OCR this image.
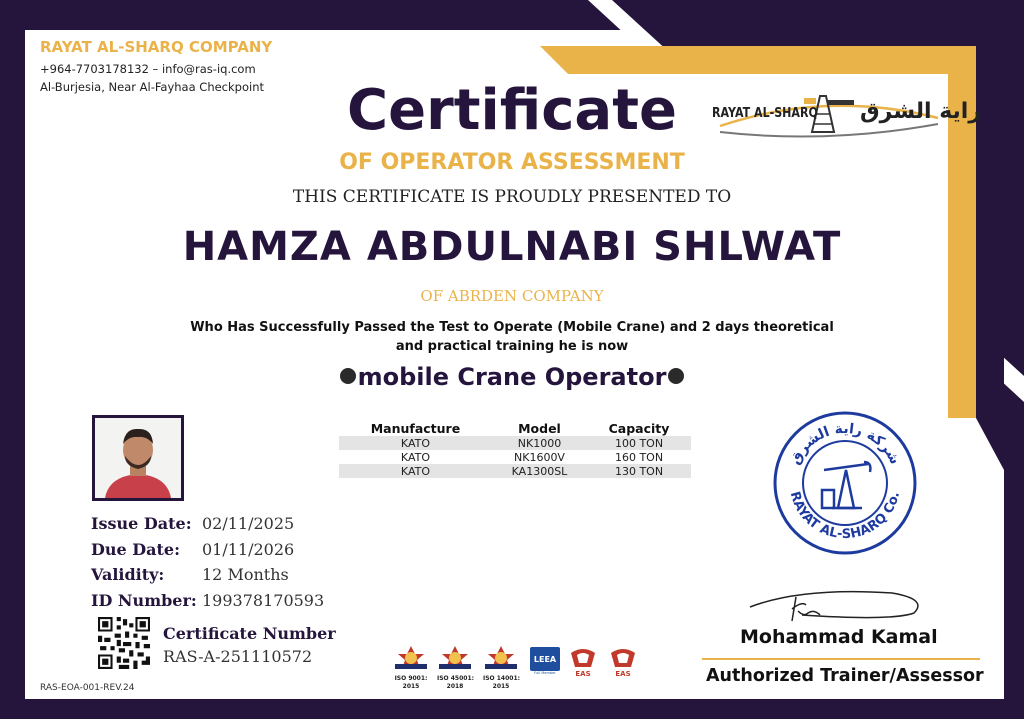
RAYAT AL-SHARQ COMPANY
+964-7703178132 – info@ras-iq.com
Al-Burjesia, Near Al-Fayhaa Checkpoint
RAYAT AL-SHARQ راية الشرق
Certificate
OF OPERATOR ASSESSMENT
THIS CERTIFICATE IS PROUDLY PRESENTED TO
HAMZA ABDULNABI SHLWAT
OF ABRDEN COMPANY
Who Has Successfully Passed the Test to Operate (Mobile Crane) and 2 days theoretical
and practical training he is now
mobile Crane Operator
Manufacture	Model	Capacity
KATO	NK1000	100 TON
KATO	NK1600V	160 TON
KATO	KA1300SL	130 TON
Issue Date: 02/11/2025
Due Date: 01/11/2026
Validity: 12 Months
ID Number: 199378170593
Certificate Number
RAS-A-251110572
RAS-EOA-001-REV.24
ISO 9001:
2015
ISO 45001:
2018
ISO 14001:
2015
LEEA
Full Member	EAS	EAS
شركة راية الشرق
RAYAT AL-SHARQ Co.
Mohammad Kamal
Authorized Trainer/Assessor
